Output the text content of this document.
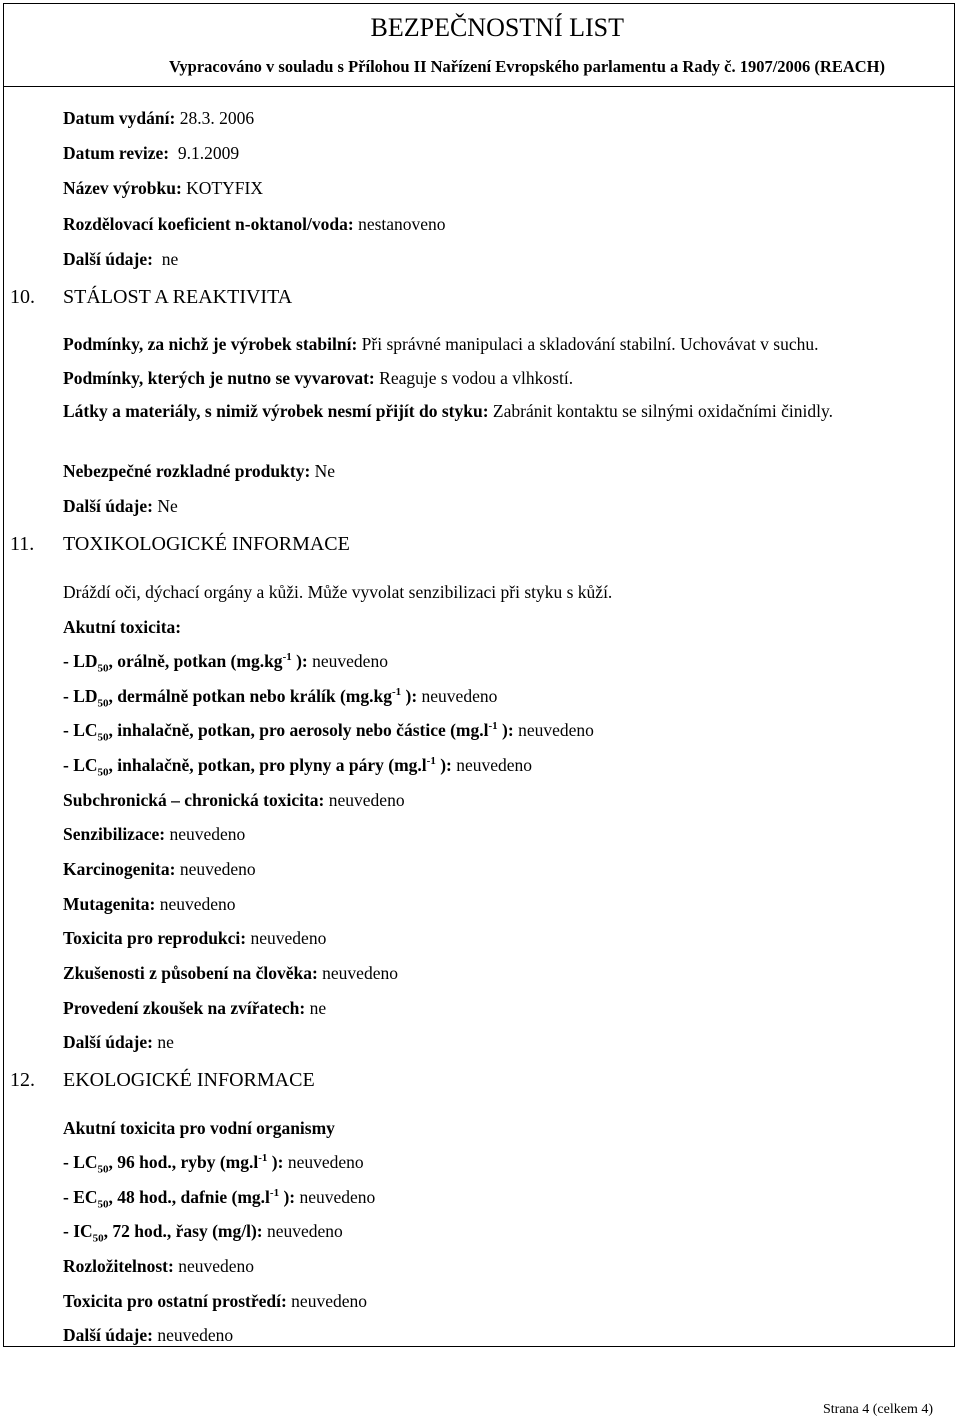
BEZPEČNOSTNÍ LIST
Vypracováno v souladu s Přílohou II Nařízení Evropského parlamentu a Rady č. 1907/2006 (REACH)
Datum vydání: 28.3. 2006
Datum revize: 9.1.2009
Název výrobku: KOTYFIX
Rozdělovací koeficient n-oktanol/voda: nestanoveno
Další údaje: ne
10. STÁLOST A REAKTIVITA
Podmínky, za nichž je výrobek stabilní: Při správné manipulaci a skladování stabilní. Uchovávat v suchu.
Podmínky, kterých je nutno se vyvarovat: Reaguje s vodou a vlhkostí.
Látky a materiály, s nimiž výrobek nesmí přijít do styku: Zabránit kontaktu se silnými oxidačními činidly.
Nebezpečné rozkladné produkty: Ne
Další údaje: Ne
11. TOXIKOLOGICKÉ INFORMACE
Dráždí oči, dýchací orgány a kůži. Může vyvolat senzibilizaci při styku s kůží.
Akutní toxicita:
- $LD_{50}$, orálně, potkan ($mg.kg^{-1}$ ): neuvedeno
- $LD_{50}$, dermálně potkan nebo králík ($mg.kg^{-1}$ ): neuvedeno
- $LC_{50}$, inhalačně, potkan, pro aerosoly nebo částice ($mg.l^{-1}$ ): neuvedeno
- $LC_{50}$, inhalačně, potkan, pro plyny a páry ($mg.l^{-1}$ ): neuvedeno
Subchronická – chronická toxicita: neuvedeno
Senzibilizace: neuvedeno
Karcinogenita: neuvedeno
Mutagenita: neuvedeno
Toxicita pro reprodukci: neuvedeno
Zkušenosti z působení na člověka: neuvedeno
Provedení zkoušek na zvířatech: ne
Další údaje: ne
12. EKOLOGICKÉ INFORMACE
Akutní toxicita pro vodní organismy
- $LC_{50}$, 96 hod., ryby ($mg.l^{-1}$ ): neuvedeno
- $EC_{50}$, 48 hod., dafnie ($mg.l^{-1}$ ): neuvedeno
- $IC_{50}$, 72 hod., řasy (mg/l): neuvedeno
Rozložitelnost: neuvedeno
Toxicita pro ostatní prostředí: neuvedeno
Další údaje: neuvedeno
Strana 4 (celkem 4)
